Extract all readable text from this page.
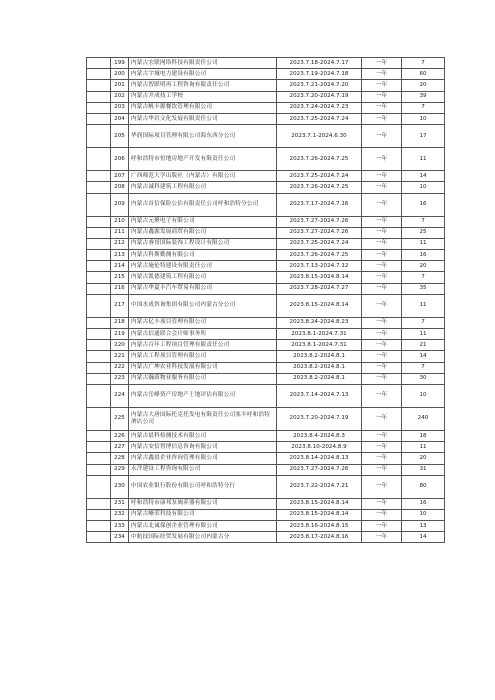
	199	内蒙古宏联网络科技有限责任公司	2023.7.18-2024.7.17	一年	7
	200	内蒙古宇城电力建设有限公司	2023.7.19-2024.7.18	一年	60
	201	内蒙古智联明再工程咨询有限责任公司	2023.7.21-2024.7.20	一年	20
	202	内蒙古开成技工学校	2023.7.20-2024.7.19	一年	39
	203	内蒙古帆丰源餐饮管理有限公司	2023.7.24-2024.7.23	一年	7
	204	内蒙古华岩文化发展有限责任公司	2023.7.25-2024.7.24	一年	10
	205	华润国际项目管理有限公司海东西分公司	2023.7.1-2024.6.30	一年	17
	206	呼和浩特市恒地房地产开发有限责任公司	2023.7.26-2024.7.25	一年	11
	207	广西师范大学出版社（内蒙古）有限公司	2023.7.25-2024.7.24	一年	14
	208	内蒙古诚科建筑工程有限公司	2023.7.26-2024.7.25	一年	10
	209	内蒙古首信保险公估有限责任公司呼和浩特分公司	2023.7.17-2024.7.16	一年	16
	210	内蒙古元聚电子有限公司	2023.7.27-2024.7.26	一年	7
	211	内蒙古鑫源发展商贸有限公司	2023.7.27-2024.7.26	一年	25
	212	内蒙古睿哥国际装饰工程设计有限公司	2023.7.25-2024.7.24	一年	11
	213	内蒙古科斯勤测有限公司	2023.7.26-2024.7.25	一年	16
	214	内蒙古施伦特建设有限责任公司	2023.7.13-2024.7.12	一年	20
	215	内蒙古凯德建筑工程有限公司	2023.8.15-2024.8.14	一年	7
	216	内蒙古华夏丰汽车贸易有限公司	2023.7.28-2024.7.27	一年	35
	217	中国水成咨询集团有限公司内蒙古分公司	2023.8.15-2024.8.14	一年	11
	218	内蒙古亿丰项目管理有限公司	2023.8.24-2024.8.23	一年	7
	219	内蒙古信通联合会计师事务所	2023.8.1-2024.7.31	一年	11
	220	内蒙古百年工程项目管理有限责任公司	2023.8.1-2024.7.31	一年	21
	221	内蒙古工程项目管理有限公司	2023.8.2-2024.8.1	一年	14
	222	内蒙古广坤农业科技发展有限公司	2023.8.2-2024.8.1	一年	7
	223	内蒙古瀚茵物业服务有限公司	2023.8.2-2024.8.1	一年	30
	224	内蒙古岳峰资产房地产土地评估有限公司	2023.7.14-2024.7.13	一年	10
	225	内蒙古大唐国际托克托发电有限责任公司塞丰呼和浩特酒店公司	2023.7.20-2024.7.19	一年	240
	226	内蒙古晨科检测技术有限公司	2023.8.4-2024.8.3	一年	18
	227	内蒙古安信智博信息咨询有限公司	2023.8.10-2024.8.9	一年	11
	228	内蒙古鑫晨企业咨询管理有限公司	2023.8.14-2024.8.13	一年	20
	229	永洋建设工程咨询有限公司	2023.7.27-2024.7.26	一年	31
	230	中国农业银行股份有限公司呼和浩特分行	2023.7.22-2024.7.21	一年	80
	231	呼和浩特市康邦泵阀养器有限公司	2023.8.15-2024.8.14	一年	16
	232	内蒙古晰荣科技有限公司	2023.8.15-2024.8.14	一年	10
	233	内蒙古北诚保创企业管理有限公司	2023.8.16-2024.8.15	一年	13
	234	中航技国际经贸发展有限公司内蒙古分	2023.8.17-2024.8.16	一年	14
